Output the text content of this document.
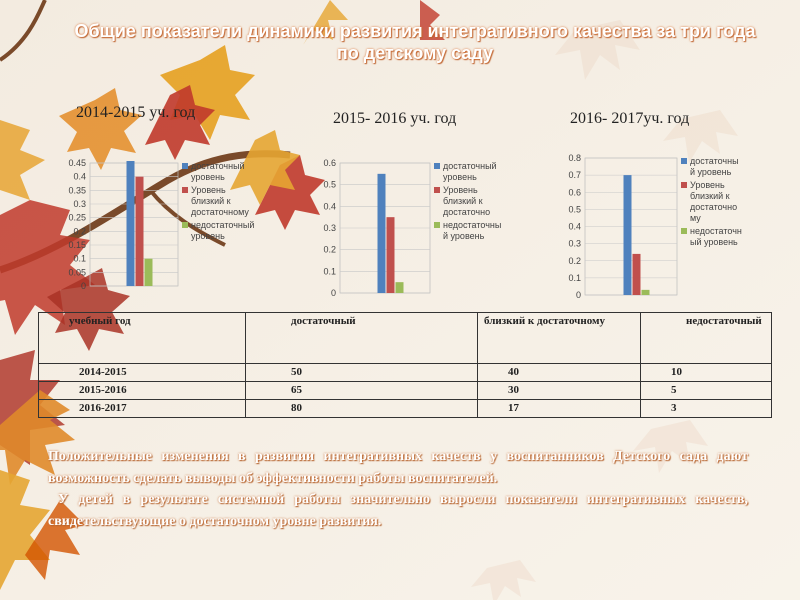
Общие показатели динамики развития интегративного качества за три года по детскому саду
2014-2015 уч. год	2015- 2016 уч. год	2016- 2017уч. год
0
0.05
0.1
0.15
0.2
0.25
0.3
0.35
0.4
0.45	достаточный
уровень
Уровень
близкий к
достаточному
недостаточный
уровень
0
0.1
0.2
0.3
0.4
0.5
0.6	достаточный
уровень
Уровень
близкий к
достаточно
недостаточны
й уровень
0
0.1
0.2
0.3
0.4
0.5
0.6
0.7
0.8	достаточны
й уровень
Уровень
близкий к
достаточно
му
недостаточн
ый уровень
учебный год	достаточный	близкий к достаточному	недостаточный
2014-2015	50	40	10
2015-2016	65	30	5
2016-2017	80	17	3

Положительные изменения в развитии интегративных качеств у воспитанников Детского сада дают возможность сделать выводы об эффективности работы воспитателей.
У детей в результате системной работы значительно выросли показатели интегративных качеств, свидетельствующие о достаточном уровне развития.
